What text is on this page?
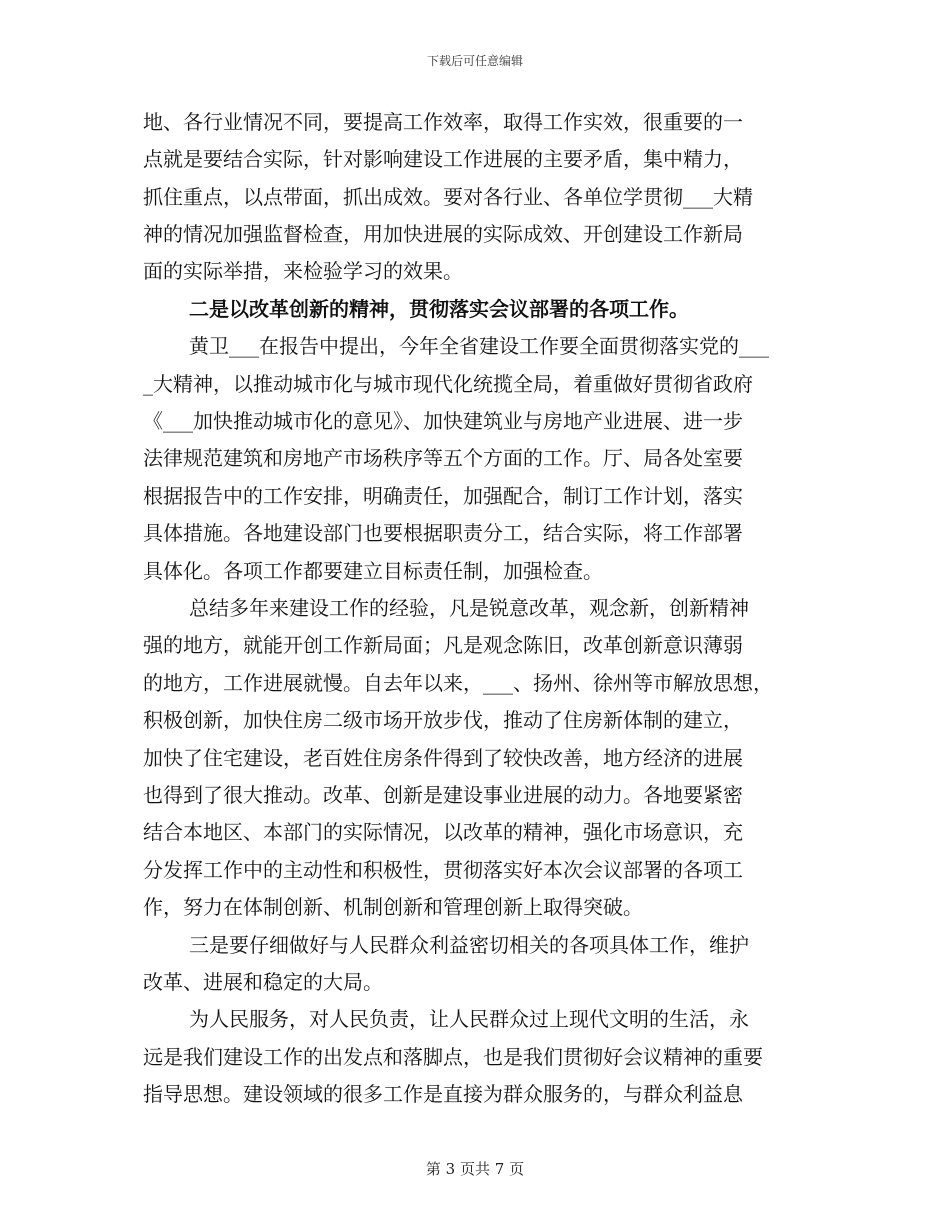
下载后可任意编辑
地、各行业情况不同，要提高工作效率，取得工作实效，很重要的一
点就是要结合实际，针对影响建设工作进展的主要矛盾，集中精力，
抓住重点，以点带面，抓出成效。要对各行业、各单位学贯彻___大精
神的情况加强监督检查，用加快进展的实际成效、开创建设工作新局
面的实际举措，来检验学习的效果。
二是以改革创新的精神，贯彻落实会议部署的各项工作。
黄卫___在报告中提出，今年全省建设工作要全面贯彻落实党的___
_大精神，以推动城市化与城市现代化统揽全局，着重做好贯彻省政府
《___加快推动城市化的意见》、加快建筑业与房地产业进展、进一步
法律规范建筑和房地产市场秩序等五个方面的工作。厅、局各处室要
根据报告中的工作安排，明确责任，加强配合，制订工作计划，落实
具体措施。各地建设部门也要根据职责分工，结合实际，将工作部署
具体化。各项工作都要建立目标责任制，加强检查。
总结多年来建设工作的经验，凡是锐意改革，观念新，创新精神
强的地方，就能开创工作新局面；凡是观念陈旧，改革创新意识薄弱
的地方，工作进展就慢。自去年以来，___、扬州、徐州等市解放思想，
积极创新，加快住房二级市场开放步伐，推动了住房新体制的建立，
加快了住宅建设，老百姓住房条件得到了较快改善，地方经济的进展
也得到了很大推动。改革、创新是建设事业进展的动力。各地要紧密
结合本地区、本部门的实际情况，以改革的精神，强化市场意识，充
分发挥工作中的主动性和积极性，贯彻落实好本次会议部署的各项工
作，努力在体制创新、机制创新和管理创新上取得突破。
三是要仔细做好与人民群众利益密切相关的各项具体工作，维护
改革、进展和稳定的大局。
为人民服务，对人民负责，让人民群众过上现代文明的生活，永
远是我们建设工作的出发点和落脚点，也是我们贯彻好会议精神的重要
指导思想。建设领域的很多工作是直接为群众服务的，与群众利益息
第 3 页共 7 页
